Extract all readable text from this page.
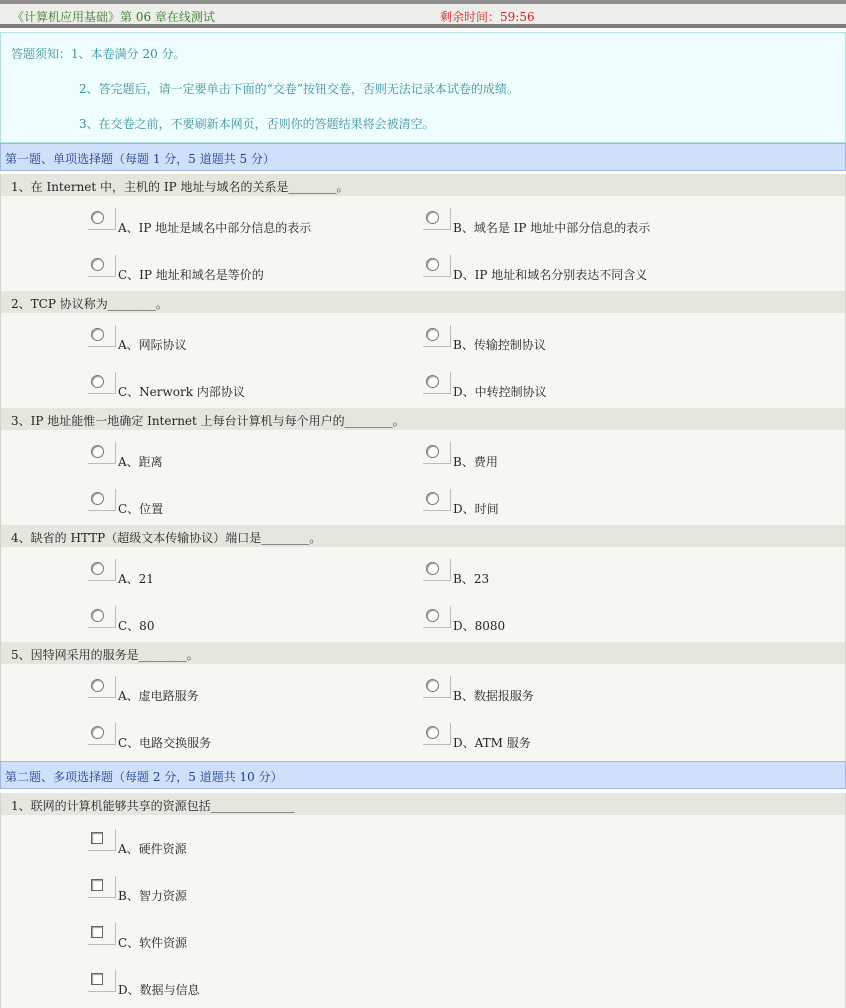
《计算机应用基础》第 06 章在线测试	剩余时间：59:56
答题须知：1、本卷满分 20 分。
2、答完题后，请一定要单击下面的“交卷”按钮交卷，否则无法记录本试卷的成绩。
3、在交卷之前，不要刷新本网页，否则你的答题结果将会被清空。
第一题、单项选择题（每题 1 分，5 道题共 5 分）
1、在 Internet 中，主机的 IP 地址与域名的关系是________。
A、IP 地址是域名中部分信息的表示	B、域名是 IP 地址中部分信息的表示
C、IP 地址和域名是等价的	D、IP 地址和域名分别表达不同含义
2、TCP 协议称为________。
A、网际协议	B、传输控制协议
C、Nerwork 内部协议	D、中转控制协议
3、IP 地址能惟一地确定 Internet 上每台计算机与每个用户的________。
A、距离	B、费用
C、位置	D、时间
4、缺省的 HTTP（超级文本传输协议）端口是________。
A、21	B、23
C、80	D、8080
5、因特网采用的服务是________。
A、虚电路服务	B、数据报服务
C、电路交换服务	D、ATM 服务
第二题、多项选择题（每题 2 分，5 道题共 10 分）
1、联网的计算机能够共享的资源包括______________
A、硬件资源
B、智力资源
C、软件资源
D、数据与信息
